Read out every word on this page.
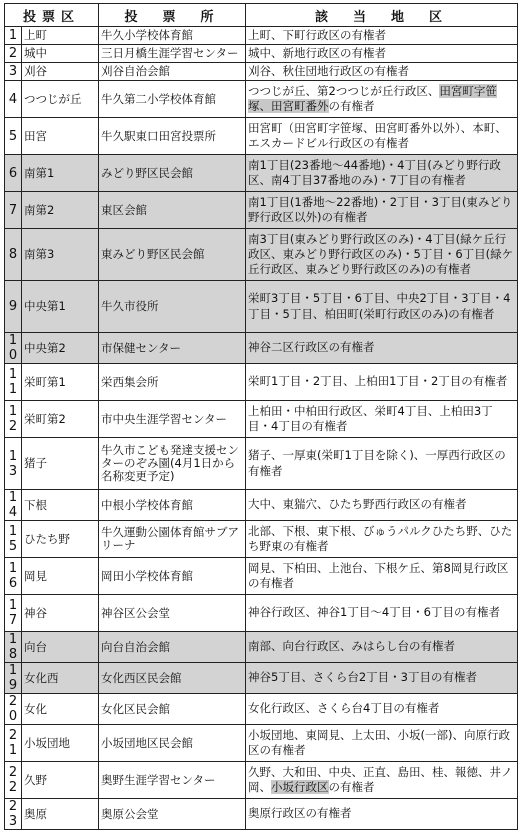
投票区		投　票　所	該　当　地　区
1	上町	牛久小学校体育館	上町、下町行政区の有権者
2	城中	三日月橋生涯学習センター	城中、新地行政区の有権者
3	刈谷	刈谷自治会館	刈谷、秋住団地行政区の有権者
4	つつじが丘	牛久第二小学校体育館	つつじが丘、第2つつじが丘行政区、田宮町字笹塚、田宮町番外の有権者
5	田宮	牛久駅東口田宮投票所	田宮町（田宮町字笹塚、田宮町番外以外）、本町、エスカードビル行政区の有権者
6	南第1	みどり野区民会館	南1丁目(23番地〜44番地)・4丁目(みどり野行政区、南4丁目37番地のみ)・7丁目の有権者
7	南第2	東区会館	南1丁目(1番地〜22番地)・2丁目・3丁目(東みどり野行政区以外)の有権者
8	南第3	東みどり野区民会館	南3丁目(東みどり野行政区のみ)・4丁目(緑ケ丘行政区、東みどり野行政区のみ)・5丁目・6丁目(緑ケ丘行政区、東みどり野行政区のみ)の有権者
9	中央第1	牛久市役所	栄町3丁目・5丁目・6丁目、中央2丁目・3丁目・4丁目・5丁目、柏田町(栄町行政区のみ)の有権者
10	中央第2	市保健センター	神谷二区行政区の有権者
11	栄町第1	栄西集会所	栄町1丁目・2丁目、上柏田1丁目・2丁目の有権者
12	栄町第2	市中央生涯学習センター	上柏田・中柏田行政区、栄町4丁目、上柏田3丁目・4丁目の有権者
13	猪子	牛久市こども発達支援センターのぞみ園(4月1日から名称変更予定)	猪子、一厚東(栄町1丁目を除く)、一厚西行政区の有権者
14	下根	中根小学校体育館	大中、東猯穴、ひたち野西行政区の有権者
15	ひたち野	牛久運動公園体育館サブアリーナ	北部、下根、東下根、びゅうパルクひたち野、ひたち野東の有権者
16	岡見	岡田小学校体育館	岡見、下柏田、上池台、下根ケ丘、第8岡見行政区の有権者
17	神谷	神谷区公会堂	神谷行政区、神谷1丁目〜4丁目・6丁目の有権者
18	向台	向台自治会館	南部、向台行政区、みはらし台の有権者
19	女化西	女化西区民会館	神谷5丁目、さくら台2丁目・3丁目の有権者
20	女化	女化区民会館	女化行政区、さくら台4丁目の有権者
21	小坂団地	小坂団地区民会館	小坂団地、東岡見、上太田、小坂(一部)、向原行政区の有権者
22	久野	奥野生涯学習センター	久野、大和田、中央、正直、島田、桂、報徳、井ノ岡、小坂行政区の有権者
23	奥原	奥原公会堂	奥原行政区の有権者
